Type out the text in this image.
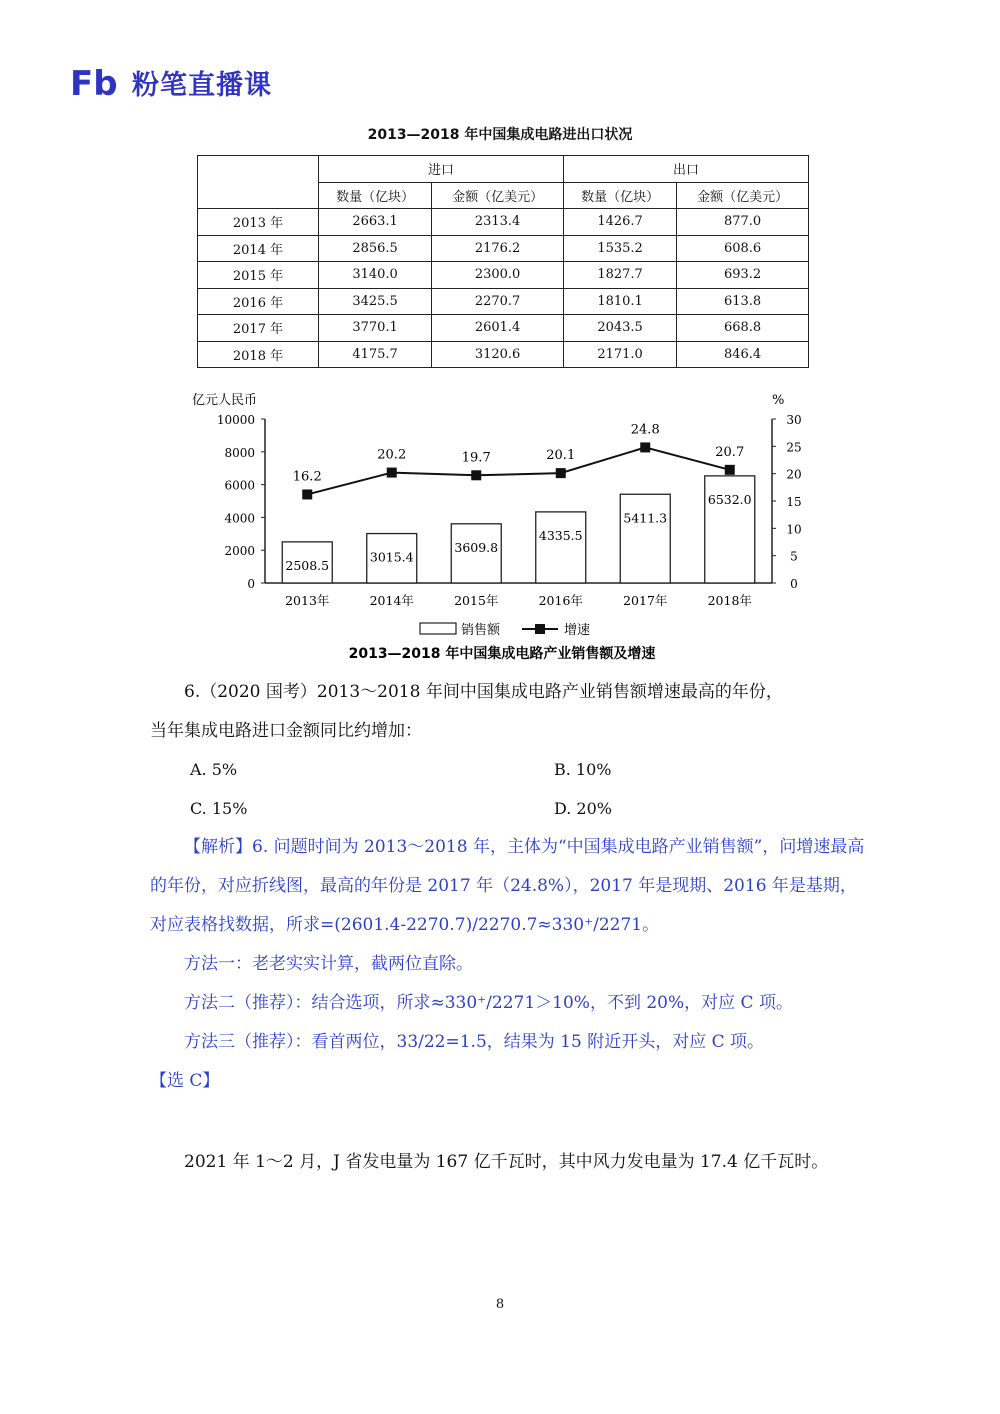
Fb 粉笔直播课
2013—2018 年中国集成电路进出口状况
	进口		出口	
	数量（亿块）	金额（亿美元）	数量（亿块）	金额（亿美元）
2013 年	2663.1	2313.4	1426.7	877.0
2014 年	2856.5	2176.2	1535.2	608.6
2015 年	3140.0	2300.0	1827.7	693.2
2016 年	3425.5	2270.7	1810.1	613.8
2017 年	3770.1	2601.4	2043.5	668.8
2018 年	4175.7	3120.6	2171.0	846.4
亿元人民币	%
0
2000
4000
6000
8000
10000
0
5
10
15
20
25
30
2508.5
2013年
3015.4
2014年
3609.8
2015年
4335.5
2016年
5411.3
2017年
6532.0
2018年
16.2
20.2	19.7	20.1
24.8
20.7
销售额	增速
2013—2018 年中国集成电路产业销售额及增速

6.（2020 国考）2013～2018 年间中国集成电路产业销售额增速最高的年份，

当年集成电路进口金额同比约增加：

A. 5%	B. 10%
C. 15%	D. 20%

【解析】6. 问题时间为 2013～2018 年，主体为“中国集成电路产业销售额”，问增速最高的年份，对应折线图，最高的年份是 2017 年（24.8%），2017 年是现期、2016 年是基期，对应表格找数据，所求=(2601.4-2270.7)/2270.7≈330⁺/2271。

方法一：老老实实计算，截两位直除。

方法二（推荐）：结合选项，所求≈330⁺/2271＞10%，不到 20%，对应 C 项。

方法三（推荐）：看首两位，33/22=1.5，结果为 15 附近开头，对应 C 项。

【选 C】

2021 年 1～2 月，J 省发电量为 167 亿千瓦时，其中风力发电量为 17.4 亿千瓦时。

8
